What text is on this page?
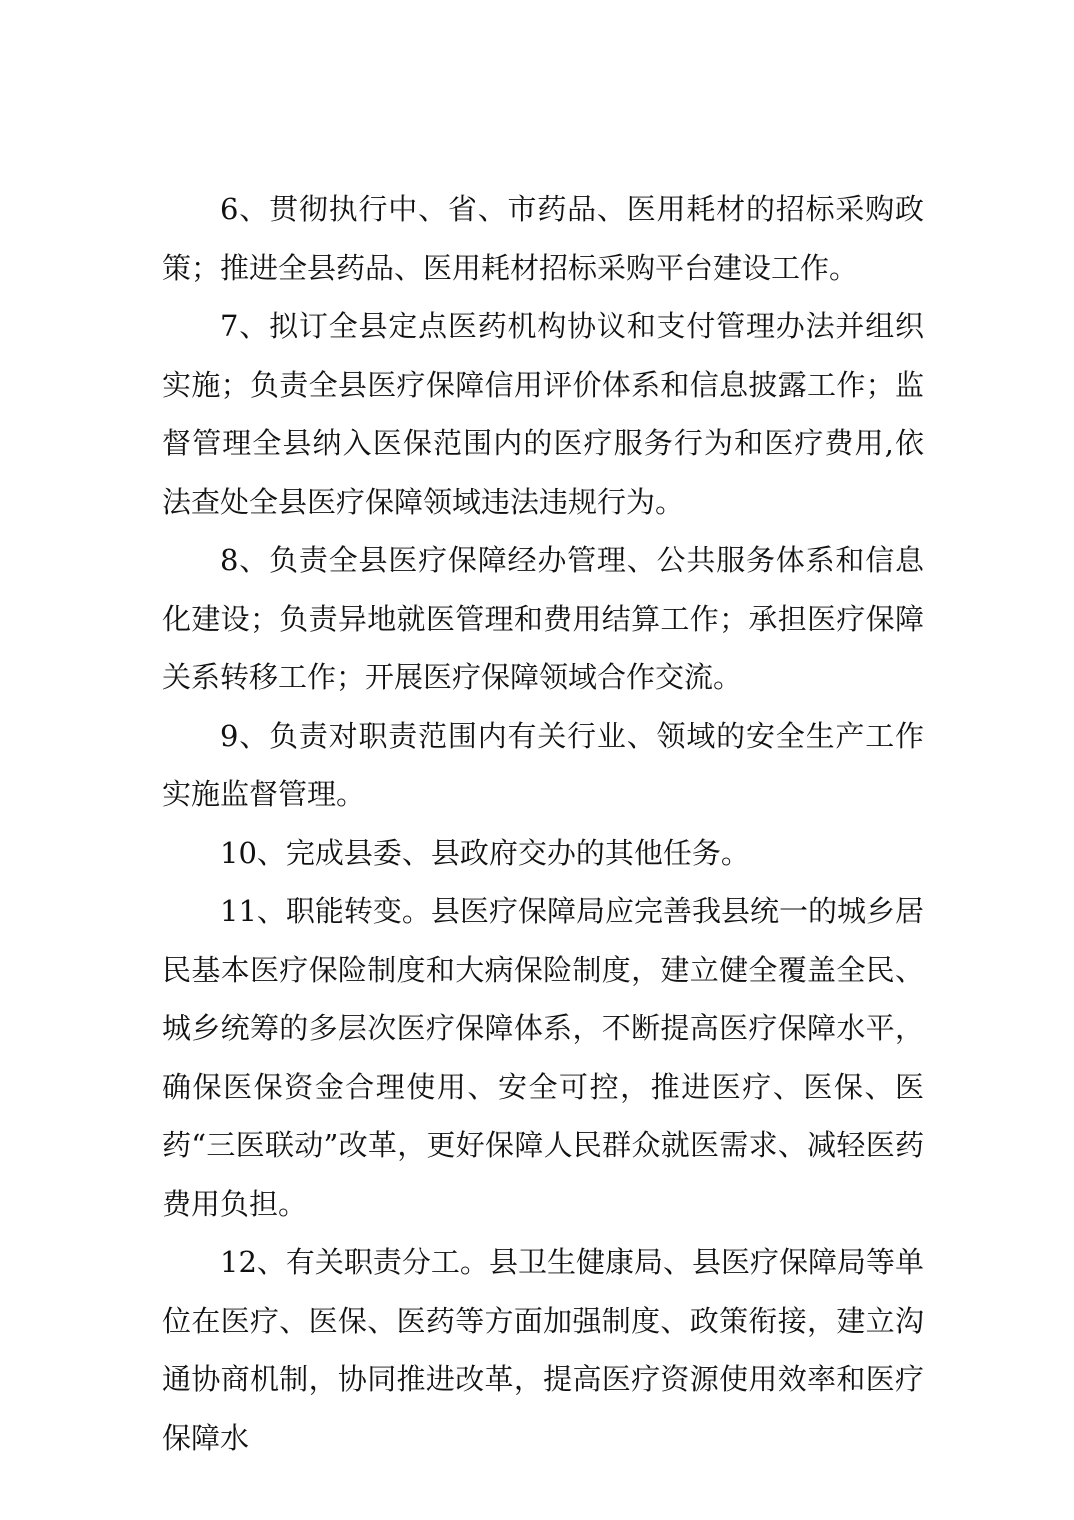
6、贯彻执行中、省、市药品、医用耗材的招标采购政策；推进全县药品、医用耗材招标采购平台建设工作。

7、拟订全县定点医药机构协议和支付管理办法并组织实施；负责全县医疗保障信用评价体系和信息披露工作；监督管理全县纳入医保范围内的医疗服务行为和医疗费用,依法查处全县医疗保障领域违法违规行为。

8、负责全县医疗保障经办管理、公共服务体系和信息化建设；负责异地就医管理和费用结算工作；承担医疗保障关系转移工作；开展医疗保障领域合作交流。

9、负责对职责范围内有关行业、领域的安全生产工作实施监督管理。

10、完成县委、县政府交办的其他任务。

11、职能转变。县医疗保障局应完善我县统一的城乡居民基本医疗保险制度和大病保险制度，建立健全覆盖全民、城乡统筹的多层次医疗保障体系，不断提高医疗保障水平，确保医保资金合理使用、安全可控，推进医疗、医保、医药“三医联动”改革，更好保障人民群众就医需求、减轻医药费用负担。

12、有关职责分工。县卫生健康局、县医疗保障局等单位在医疗、医保、医药等方面加强制度、政策衔接，建立沟通协商机制，协同推进改革，提高医疗资源使用效率和医疗保障水
